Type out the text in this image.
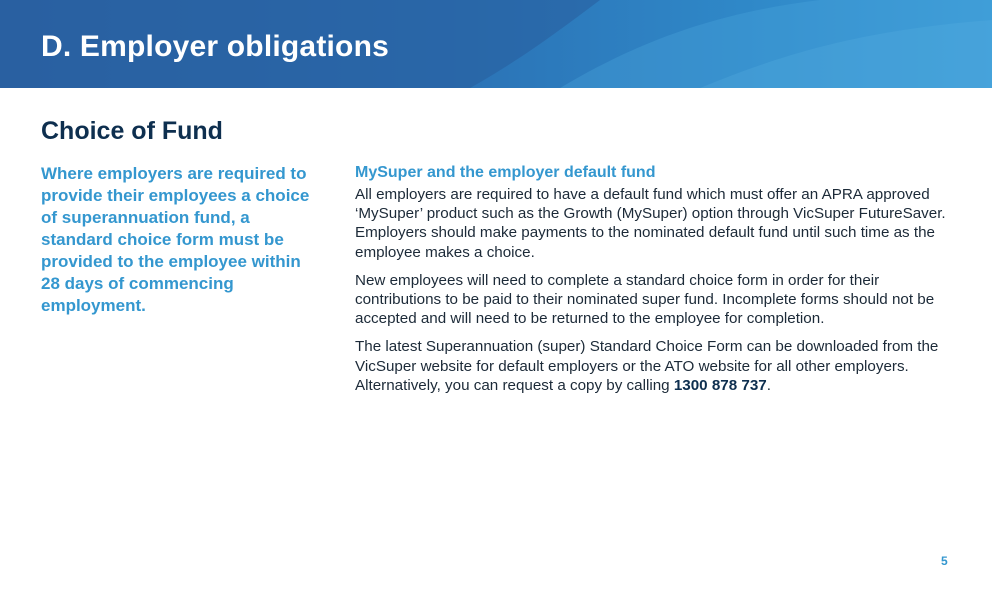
D. Employer obligations
Choice of Fund

Where employers are required to provide their employees a choice of superannuation fund, a standard choice form must be provided to the employee within 28 days of commencing employment.

MySuper and the employer default fund

All employers are required to have a default fund which must offer an APRA approved ‘MySuper’ product such as the Growth (MySuper) option through VicSuper FutureSaver. Employers should make payments to the nominated default fund until such time as the employee makes a choice.

New employees will need to complete a standard choice form in order for their contributions to be paid to their nominated super fund. Incomplete forms should not be accepted and will need to be returned to the employee for completion.

The latest Superannuation (super) Standard Choice Form can be downloaded from the VicSuper website for default employers or the ATO website for all other employers. Alternatively, you can request a copy by calling 1300 878 737.

5
